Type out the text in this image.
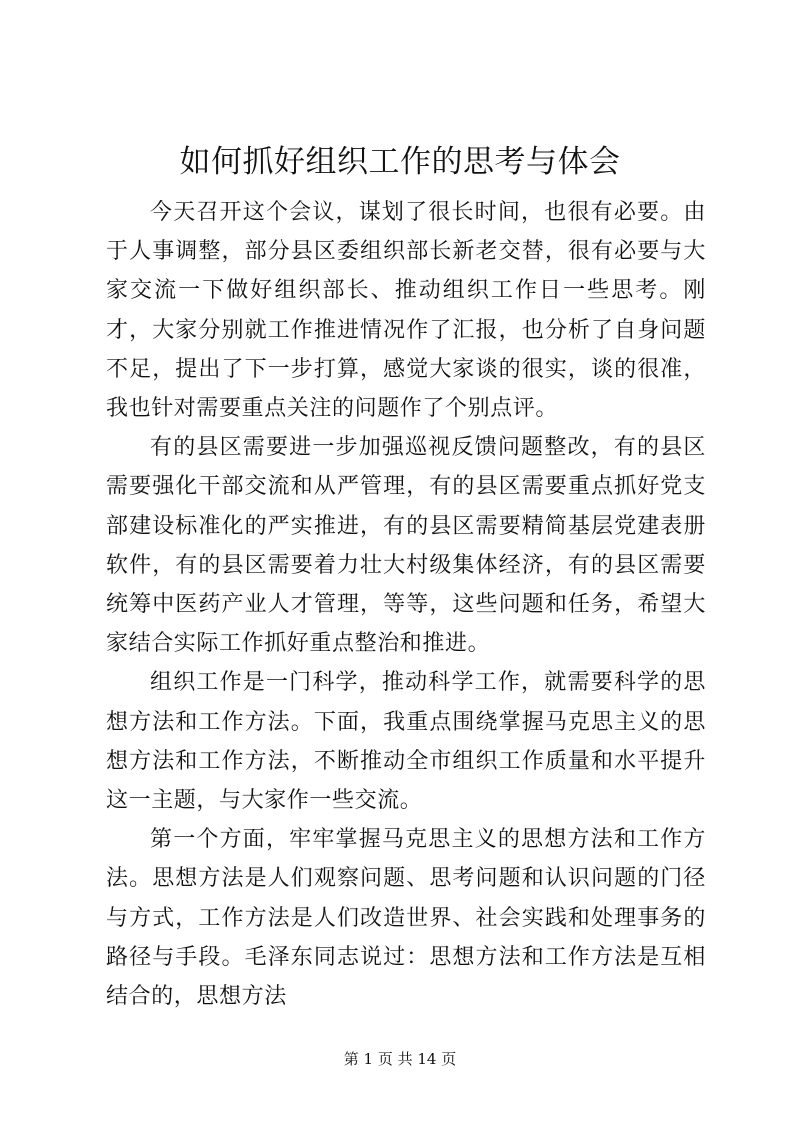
如何抓好组织工作的思考与体会

今天召开这个会议，谋划了很长时间，也很有必要。由于人事调整，部分县区委组织部长新老交替，很有必要与大家交流一下做好组织部长、推动组织工作日一些思考。刚才，大家分别就工作推进情况作了汇报，也分析了自身问题不足，提出了下一步打算，感觉大家谈的很实，谈的很准，我也针对需要重点关注的问题作了个别点评。

有的县区需要进一步加强巡视反馈问题整改，有的县区需要强化干部交流和从严管理，有的县区需要重点抓好党支部建设标准化的严实推进，有的县区需要精简基层党建表册软件，有的县区需要着力壮大村级集体经济，有的县区需要统筹中医药产业人才管理，等等，这些问题和任务，希望大家结合实际工作抓好重点整治和推进。

组织工作是一门科学，推动科学工作，就需要科学的思想方法和工作方法。下面，我重点围绕掌握马克思主义的思想方法和工作方法，不断推动全市组织工作质量和水平提升这一主题，与大家作一些交流。

第一个方面，牢牢掌握马克思主义的思想方法和工作方法。思想方法是人们观察问题、思考问题和认识问题的门径与方式，工作方法是人们改造世界、社会实践和处理事务的路径与手段。毛泽东同志说过：思想方法和工作方法是互相结合的，思想方法

第 1 页 共 14 页
